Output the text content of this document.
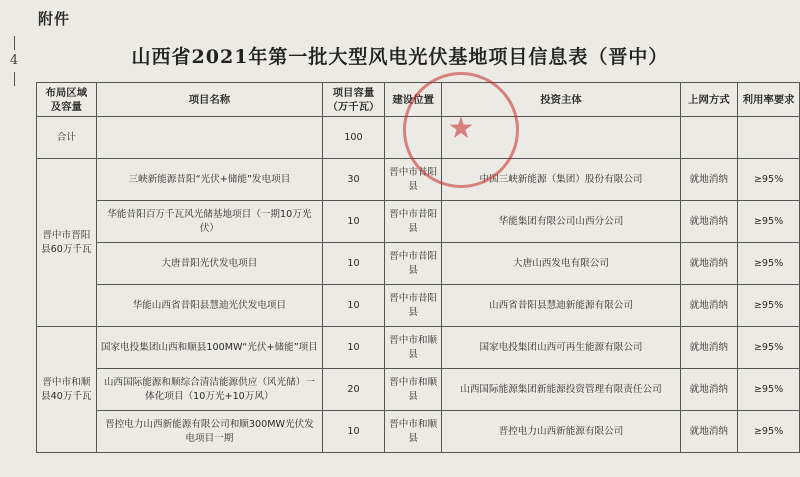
附件
4	山西省2021年第一批大型风电光伏基地项目信息表（晋中）
布局区域及容量	项目名称	项目容量（万千瓦）	建设位置	投资主体	上网方式	利用率要求
合计		100				
晋中市晋阳县60万千瓦	三峡新能源昔阳“光伏+储能”发电项目	30	晋中市昔阳县	中国三峡新能源（集团）股份有限公司	就地消纳	≥95%
	华能昔阳百万千瓦风光储基地项目（一期10万光伏）	10	晋中市昔阳县	华能集团有限公司山西分公司	就地消纳	≥95%
	大唐昔阳光伏发电项目	10	晋中市昔阳县	大唐山西发电有限公司	就地消纳	≥95%
	华能山西省昔阳县慧迪光伏发电项目	10	晋中市昔阳县	山西省昔阳县慧迪新能源有限公司	就地消纳	≥95%
晋中市和顺县40万千瓦	国家电投集团山西和顺县100MW“光伏+储能”项目	10	晋中市和顺县	国家电投集团山西可再生能源有限公司	就地消纳	≥95%
	山西国际能源和顺综合清洁能源供应（风光储）一体化项目（10万光+10万风）	20	晋中市和顺县	山西国际能源集团新能源投资管理有限责任公司	就地消纳	≥95%
	晋控电力山西新能源有限公司和顺300MW光伏发电项目一期	10	晋中市和顺县	晋控电力山西新能源有限公司	就地消纳	≥95%
★
